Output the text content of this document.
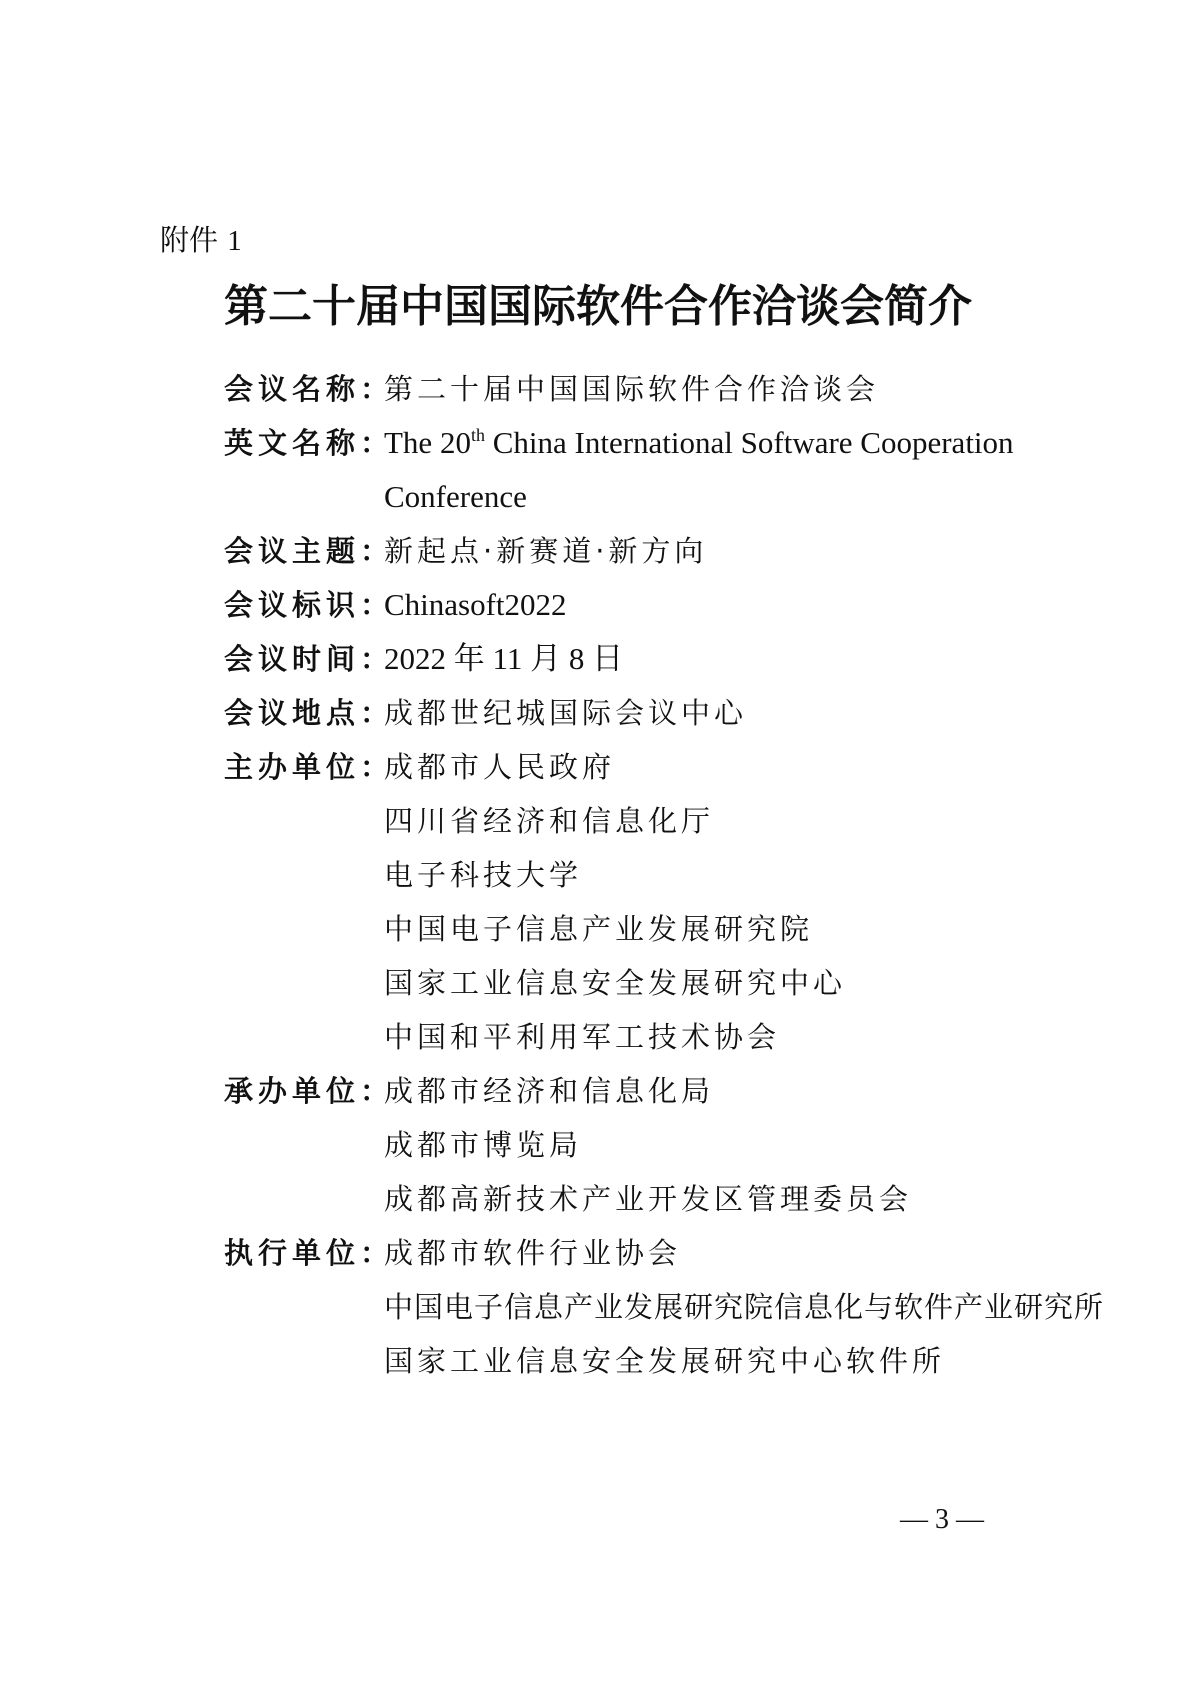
附件 1
第二十届中国国际软件合作洽谈会简介
会议名称：
第二十届中国国际软件合作洽谈会
英文名称：
The 20th China International Software Cooperation
Conference
会议主题：
新起点·新赛道·新方向
会议标识：
Chinasoft2022
会议时间：
2022 年 11 月 8 日
会议地点：
成都世纪城国际会议中心
主办单位：
成都市人民政府
四川省经济和信息化厅
电子科技大学
中国电子信息产业发展研究院
国家工业信息安全发展研究中心
中国和平利用军工技术协会
承办单位：
成都市经济和信息化局
成都市博览局
成都高新技术产业开发区管理委员会
执行单位：
成都市软件行业协会
中国电子信息产业发展研究院信息化与软件产业研究所
国家工业信息安全发展研究中心软件所
— 3 —
